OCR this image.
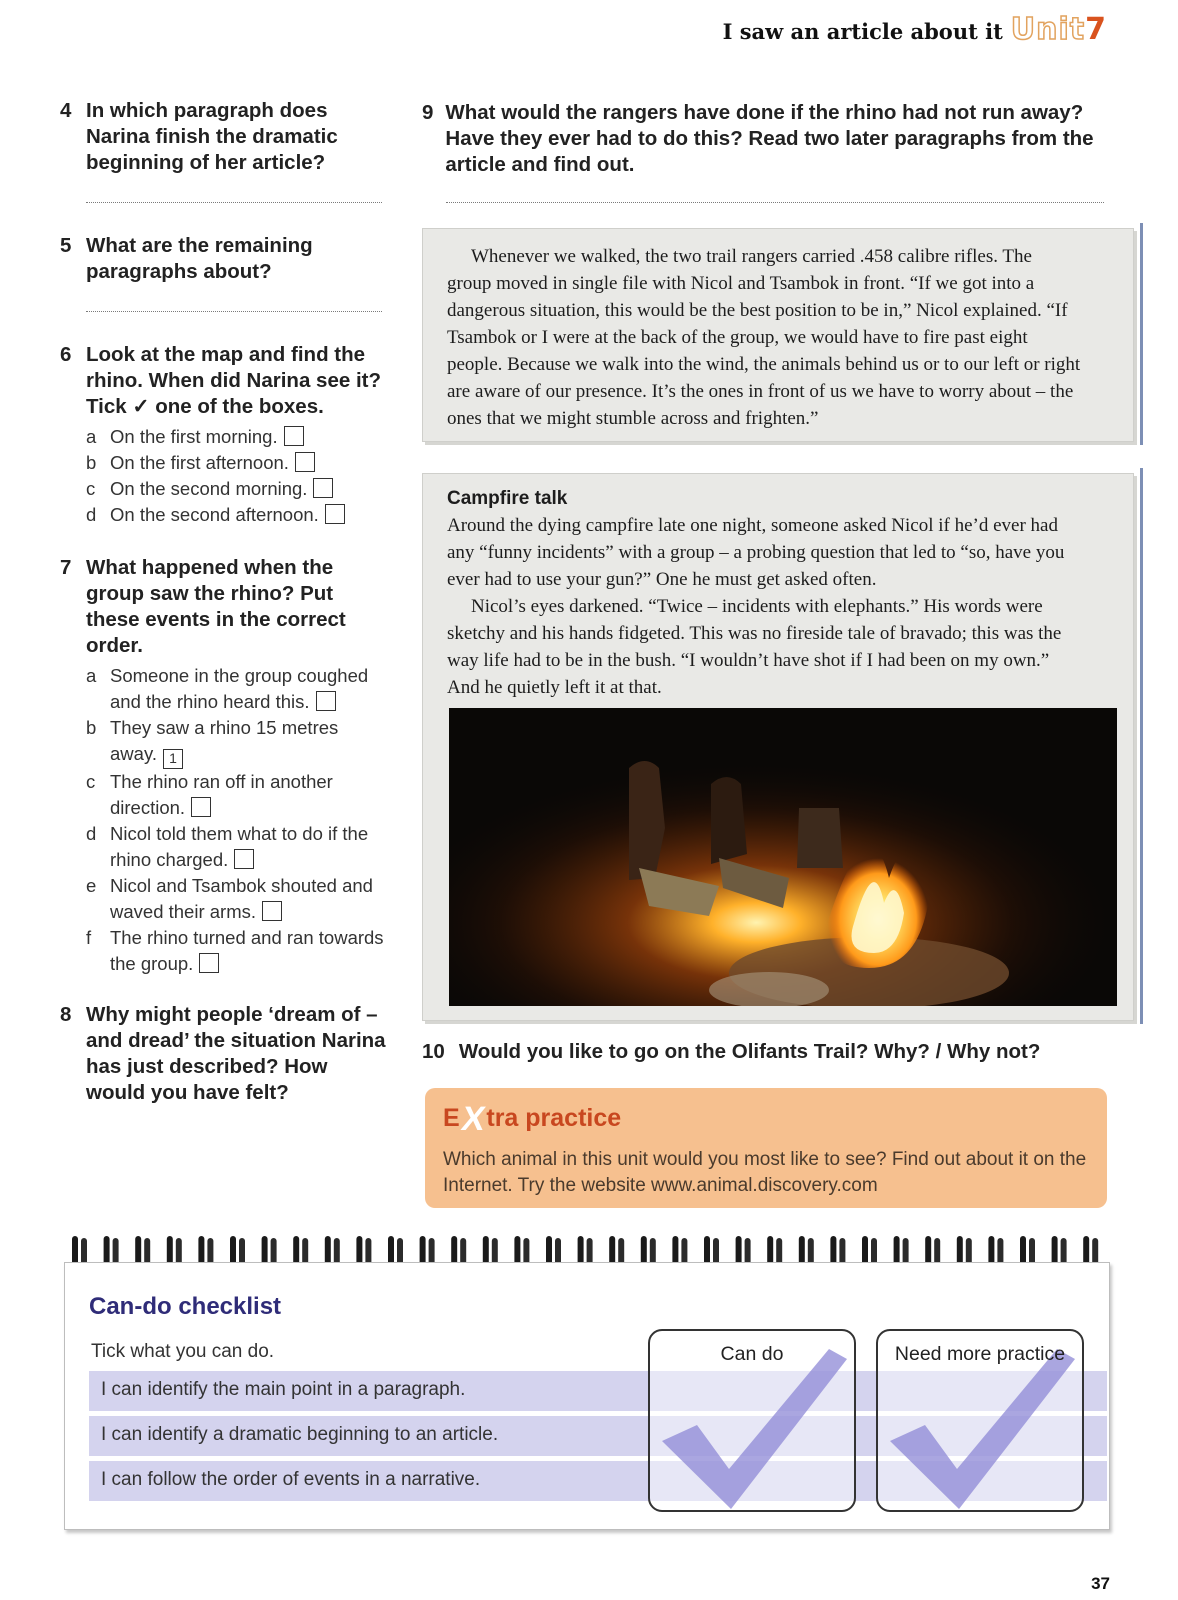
I saw an article about it Unit7
4 In which paragraph does Narina finish the dramatic beginning of her article?
5 What are the remaining paragraphs about?
6 Look at the map and find the rhino. When did Narina see it? Tick ✓ one of the boxes.
a On the first morning.
b On the first afternoon.
c On the second morning.
d On the second afternoon.
7 What happened when the group saw the rhino? Put these events in the correct order.
a Someone in the group coughed and the rhino heard this.
b They saw a rhino 15 metres away. 1
c The rhino ran off in another direction.
d Nicol told them what to do if the rhino charged.
e Nicol and Tsambok shouted and waved their arms.
f	The rhino turned and ran towards the group.
8 Why might people ‘dream of – and dread’ the situation Narina has just described? How would you have felt?
9 What would the rangers have done if the rhino had not run away? Have they ever had to do this? Read two later paragraphs from the article and find out.

Whenever we walked, the two trail rangers carried .458 calibre rifles. The group moved in single file with Nicol and Tsambok in front. “If we got into a dangerous situation, this would be the best position to be in,” Nicol explained. “If Tsambok or I were at the back of the group, we would have to fire past eight people. Because we walk into the wind, the animals behind us or to our left or right are aware of our presence. It’s the ones in front of us we have to worry about – the ones that we might stumble across and frighten.”

Campfire talk

Around the dying campfire late one night, someone asked Nicol if he’d ever had any “funny incidents” with a group – a probing question that led to “so, have you ever had to use your gun?” One he must get asked often.

Nicol’s eyes darkened. “Twice – incidents with elephants.” His words were sketchy and his hands fidgeted. This was no fireside tale of bravado; this was the way life had to be in the bush. “I wouldn’t have shot if I had been on my own.” And he quietly left it at that.

10 Would you like to go on the Olifants Trail? Why? / Why not?
EXtra practice
Which animal in this unit would you most like to see? Find out about it on the Internet. Try the website www.animal.discovery.com
Can-do checklist
Tick what you can do.
I can identify the main point in a paragraph.
I can identify a dramatic beginning to an article.
I can follow the order of events in a narrative.
Can do	Need more practice
37
